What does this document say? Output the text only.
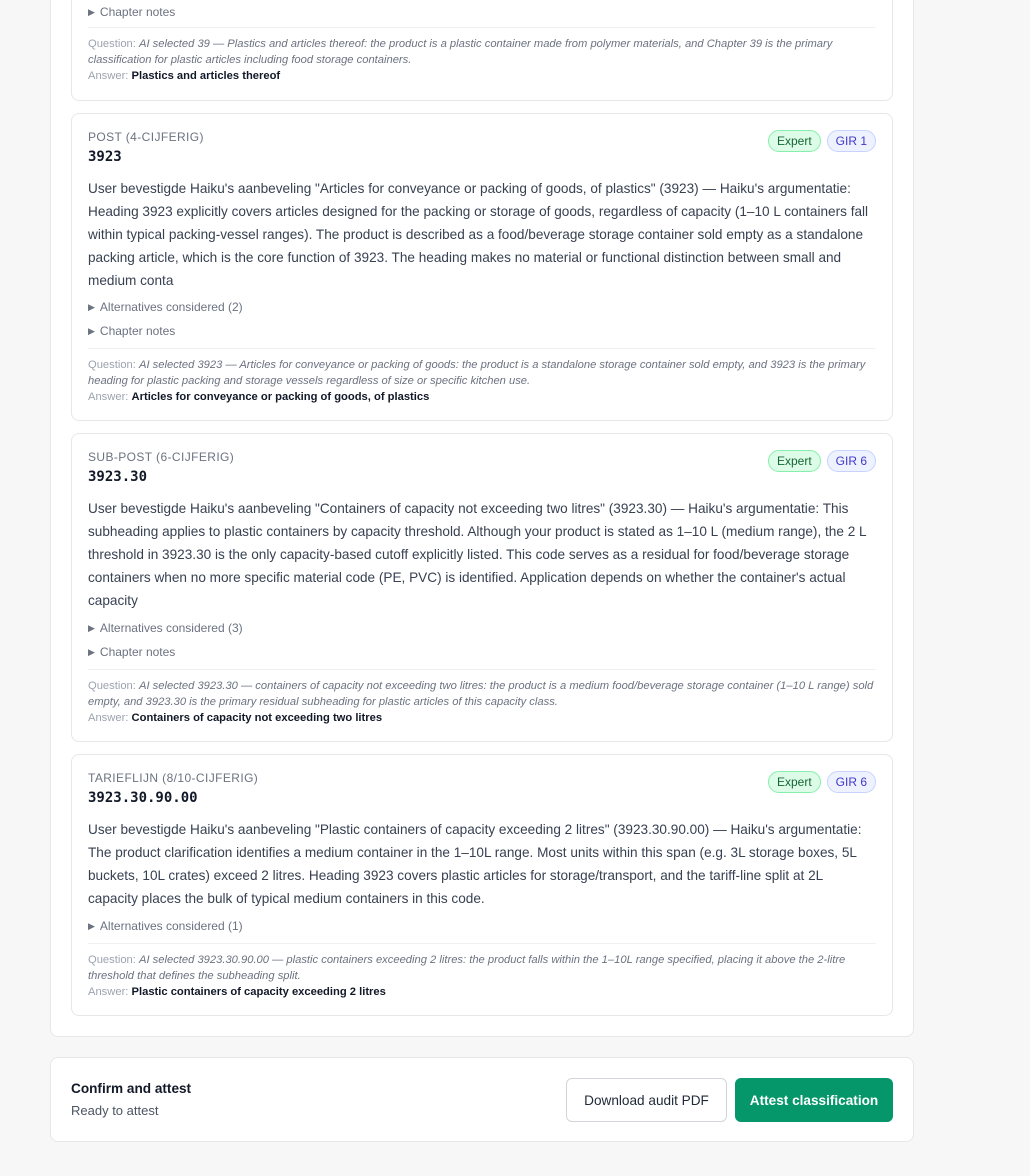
▶ Chapter notes
Question: AI selected 39 — Plastics and articles thereof: the product is a plastic container made from polymer materials, and Chapter 39 is the primary classification for plastic articles including food storage containers.
Answer: Plastics and articles thereof
POST (4-CIJFERIG)
3923
Expert	GIR 1
User bevestigde Haiku's aanbeveling "Articles for conveyance or packing of goods, of plastics" (3923) — Haiku's argumentatie: Heading 3923 explicitly covers articles designed for the packing or storage of goods, regardless of capacity (1–10 L containers fall within typical packing-vessel ranges). The product is described as a food/beverage storage container sold empty as a standalone packing article, which is the core function of 3923. The heading makes no material or functional distinction between small and medium conta
▶ Alternatives considered (2)
▶ Chapter notes
Question: AI selected 3923 — Articles for conveyance or packing of goods: the product is a standalone storage container sold empty, and 3923 is the primary heading for plastic packing and storage vessels regardless of size or specific kitchen use.
Answer: Articles for conveyance or packing of goods, of plastics
SUB-POST (6-CIJFERIG)
3923.30
Expert	GIR 6
User bevestigde Haiku's aanbeveling "Containers of capacity not exceeding two litres" (3923.30) — Haiku's argumentatie: This subheading applies to plastic containers by capacity threshold. Although your product is stated as 1–10 L (medium range), the 2 L threshold in 3923.30 is the only capacity-based cutoff explicitly listed. This code serves as a residual for food/beverage storage containers when no more specific material code (PE, PVC) is identified. Application depends on whether the container's actual capacity
▶ Alternatives considered (3)
▶ Chapter notes
Question: AI selected 3923.30 — containers of capacity not exceeding two litres: the product is a medium food/beverage storage container (1–10 L range) sold empty, and 3923.30 is the primary residual subheading for plastic articles of this capacity class.
Answer: Containers of capacity not exceeding two litres
TARIEFLIJN (8/10-CIJFERIG)
3923.30.90.00
Expert	GIR 6
User bevestigde Haiku's aanbeveling "Plastic containers of capacity exceeding 2 litres" (3923.30.90.00) — Haiku's argumentatie: The product clarification identifies a medium container in the 1–10L range. Most units within this span (e.g. 3L storage boxes, 5L buckets, 10L crates) exceed 2 litres. Heading 3923 covers plastic articles for storage/transport, and the tariff-line split at 2L capacity places the bulk of typical medium containers in this code.
▶ Alternatives considered (1)
Question: AI selected 3923.30.90.00 — plastic containers exceeding 2 litres: the product falls within the 1–10L range specified, placing it above the 2-litre threshold that defines the subheading split.
Answer: Plastic containers of capacity exceeding 2 litres
Confirm and attest
Ready to attest
Download audit PDF	Attest classification
